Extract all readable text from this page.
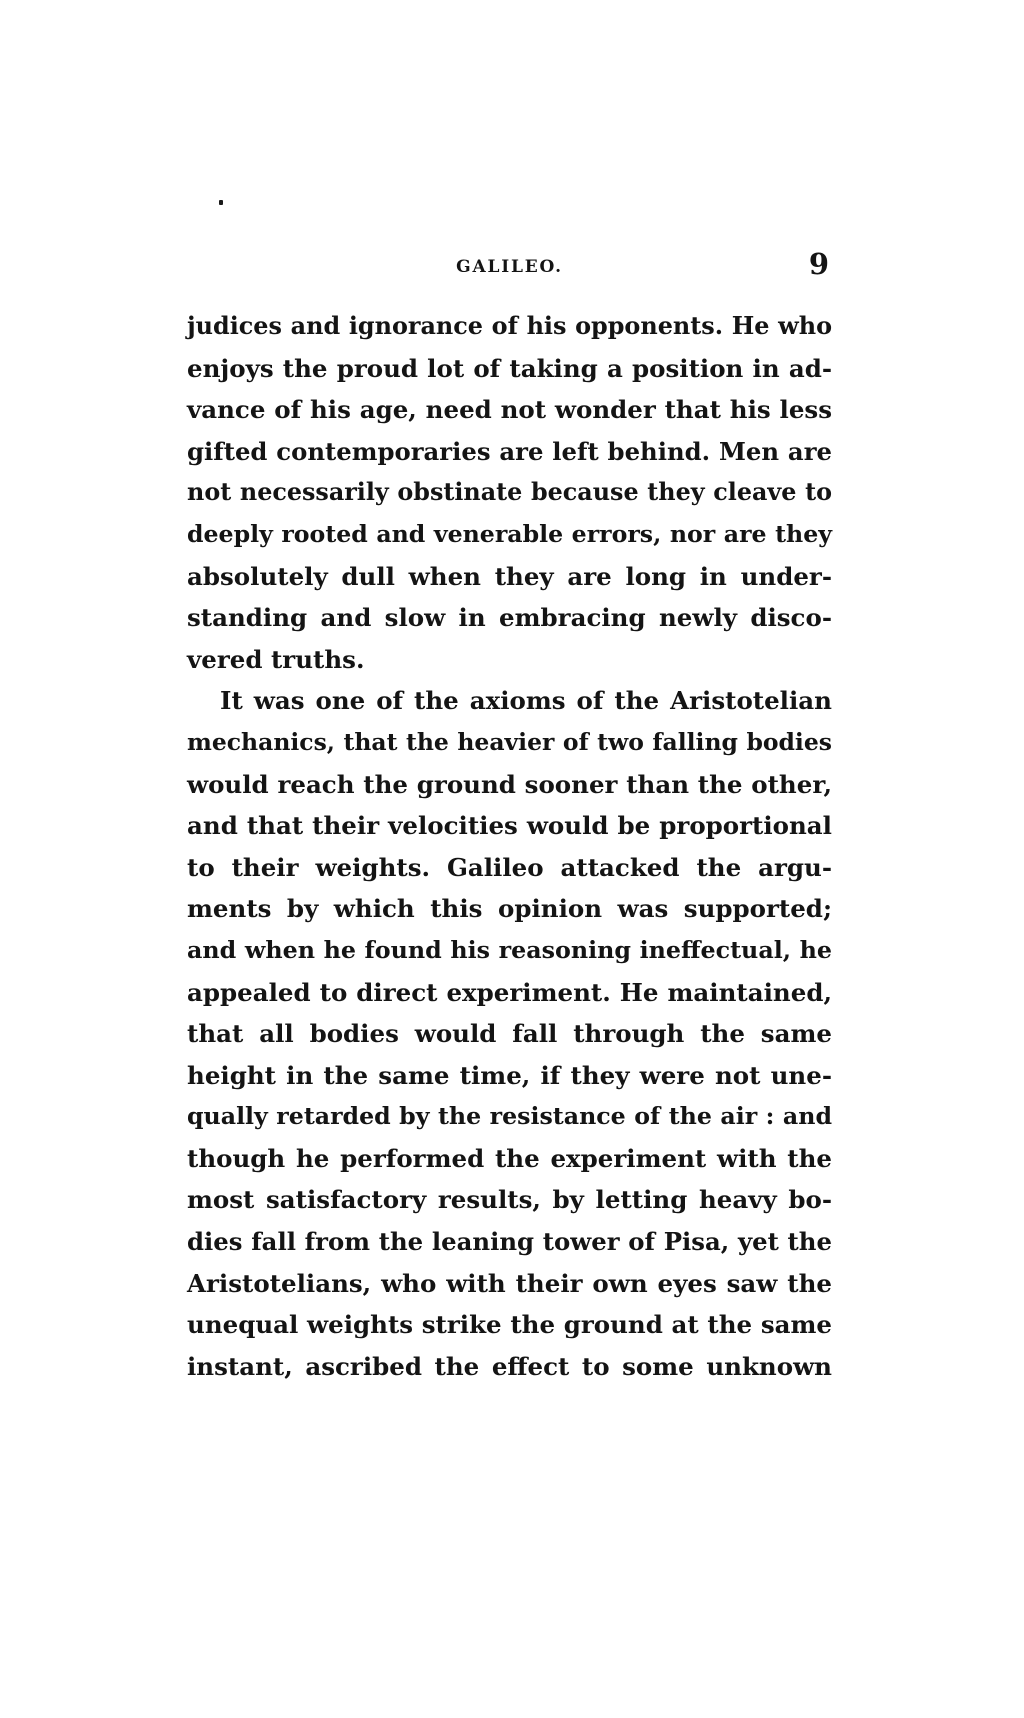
GALILEO.	9
judices and ignorance of his opponents. He who
enjoys the proud lot of taking a position in ad-
vance of his age, need not wonder that his less
gifted contemporaries are left behind. Men are
not necessarily obstinate because they cleave to
deeply rooted and venerable errors, nor are they
absolutely dull when they are long in under-
standing and slow in embracing newly disco-
vered truths.
It was one of the axioms of the Aristotelian
mechanics, that the heavier of two falling bodies
would reach the ground sooner than the other,
and that their velocities would be proportional
to their weights. Galileo attacked the argu-
ments by which this opinion was supported;
and when he found his reasoning ineffectual, he
appealed to direct experiment. He maintained,
that all bodies would fall through the same
height in the same time, if they were not une-
qually retarded by the resistance of the air : and
though he performed the experiment with the
most satisfactory results, by letting heavy bo-
dies fall from the leaning tower of Pisa, yet the
Aristotelians, who with their own eyes saw the
unequal weights strike the ground at the same
instant, ascribed the effect to some unknown
